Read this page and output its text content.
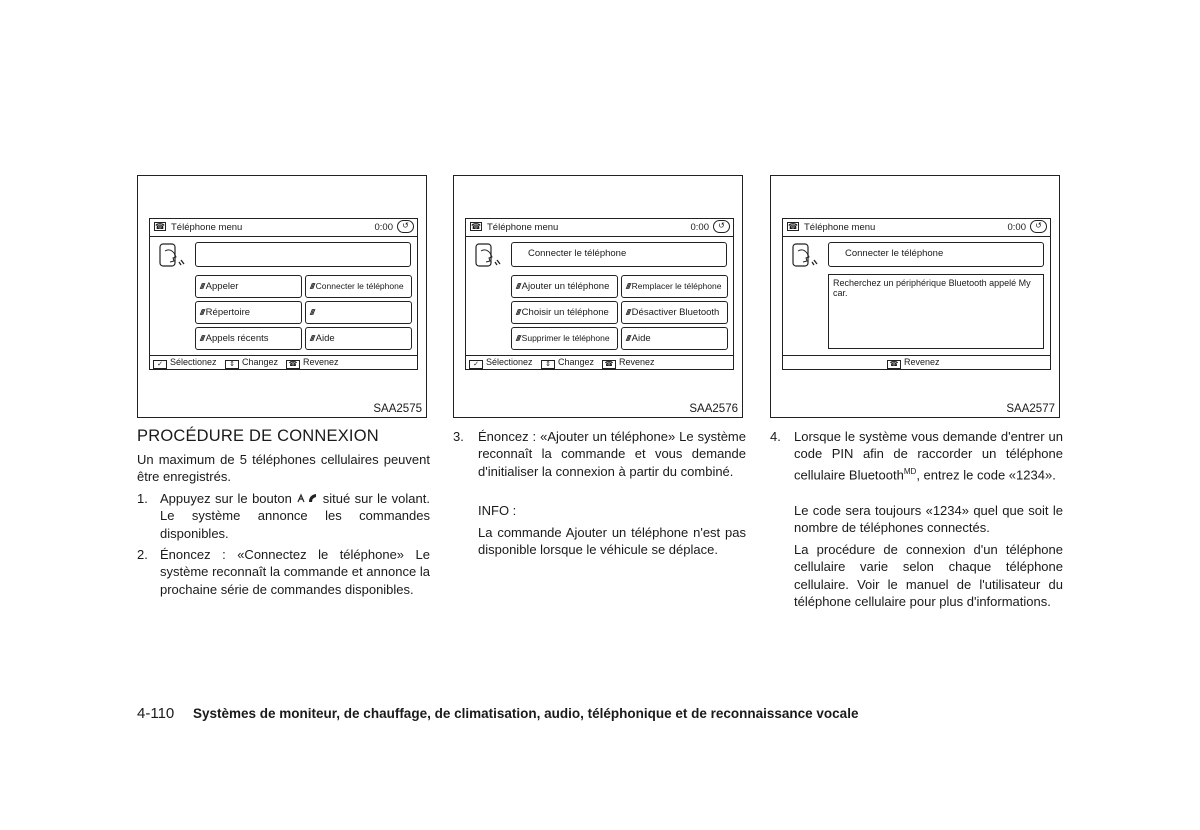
☎ Téléphone menu	0:00	↺
/// Appeler	/// Connecter le téléphone
/// Répertoire	///
/// Appels récents	/// Aide
✓ Sélectionez	⇕ Changez	☎ Revenez
SAA2575
☎ Téléphone menu	0:00	↺
Connecter le téléphone
/// Ajouter un téléphone	/// Remplacer le téléphone
/// Choisir un téléphone	/// Désactiver Bluetooth
/// Supprimer le téléphone	/// Aide
✓ Sélectionez	⇕ Changez	☎ Revenez
SAA2576
☎ Téléphone menu	0:00	↺
Connecter le téléphone
Recherchez un périphérique Bluetooth appelé My car.
☎ Revenez
SAA2577
PROCÉDURE DE CONNEXION

Un maximum de 5 téléphones cellulaires peuvent être enregistrés.

1. Appuyez sur le bouton situé sur le volant. Le système annonce les commandes disponibles.

2. Énoncez : «Connectez le téléphone» Le système reconnaît la commande et annonce la prochaine série de commandes disponibles.

3. Énoncez : «Ajouter un téléphone» Le système reconnaît la commande et vous demande d'initialiser la connexion à partir du combiné.

INFO :

La commande Ajouter un téléphone n'est pas disponible lorsque le véhicule se déplace.

4. Lorsque le système vous demande d'entrer un code PIN afin de raccorder un téléphone cellulaire Bluetooth$^{MD}$, entrez le code «1234».

Le code sera toujours «1234» quel que soit le nombre de téléphones connectés.

La procédure de connexion d'un téléphone cellulaire varie selon chaque téléphone cellulaire. Voir le manuel de l'utilisateur du téléphone cellulaire pour plus d'informations.

4-110 Systèmes de moniteur, de chauffage, de climatisation, audio, téléphonique et de reconnaissance vocale
